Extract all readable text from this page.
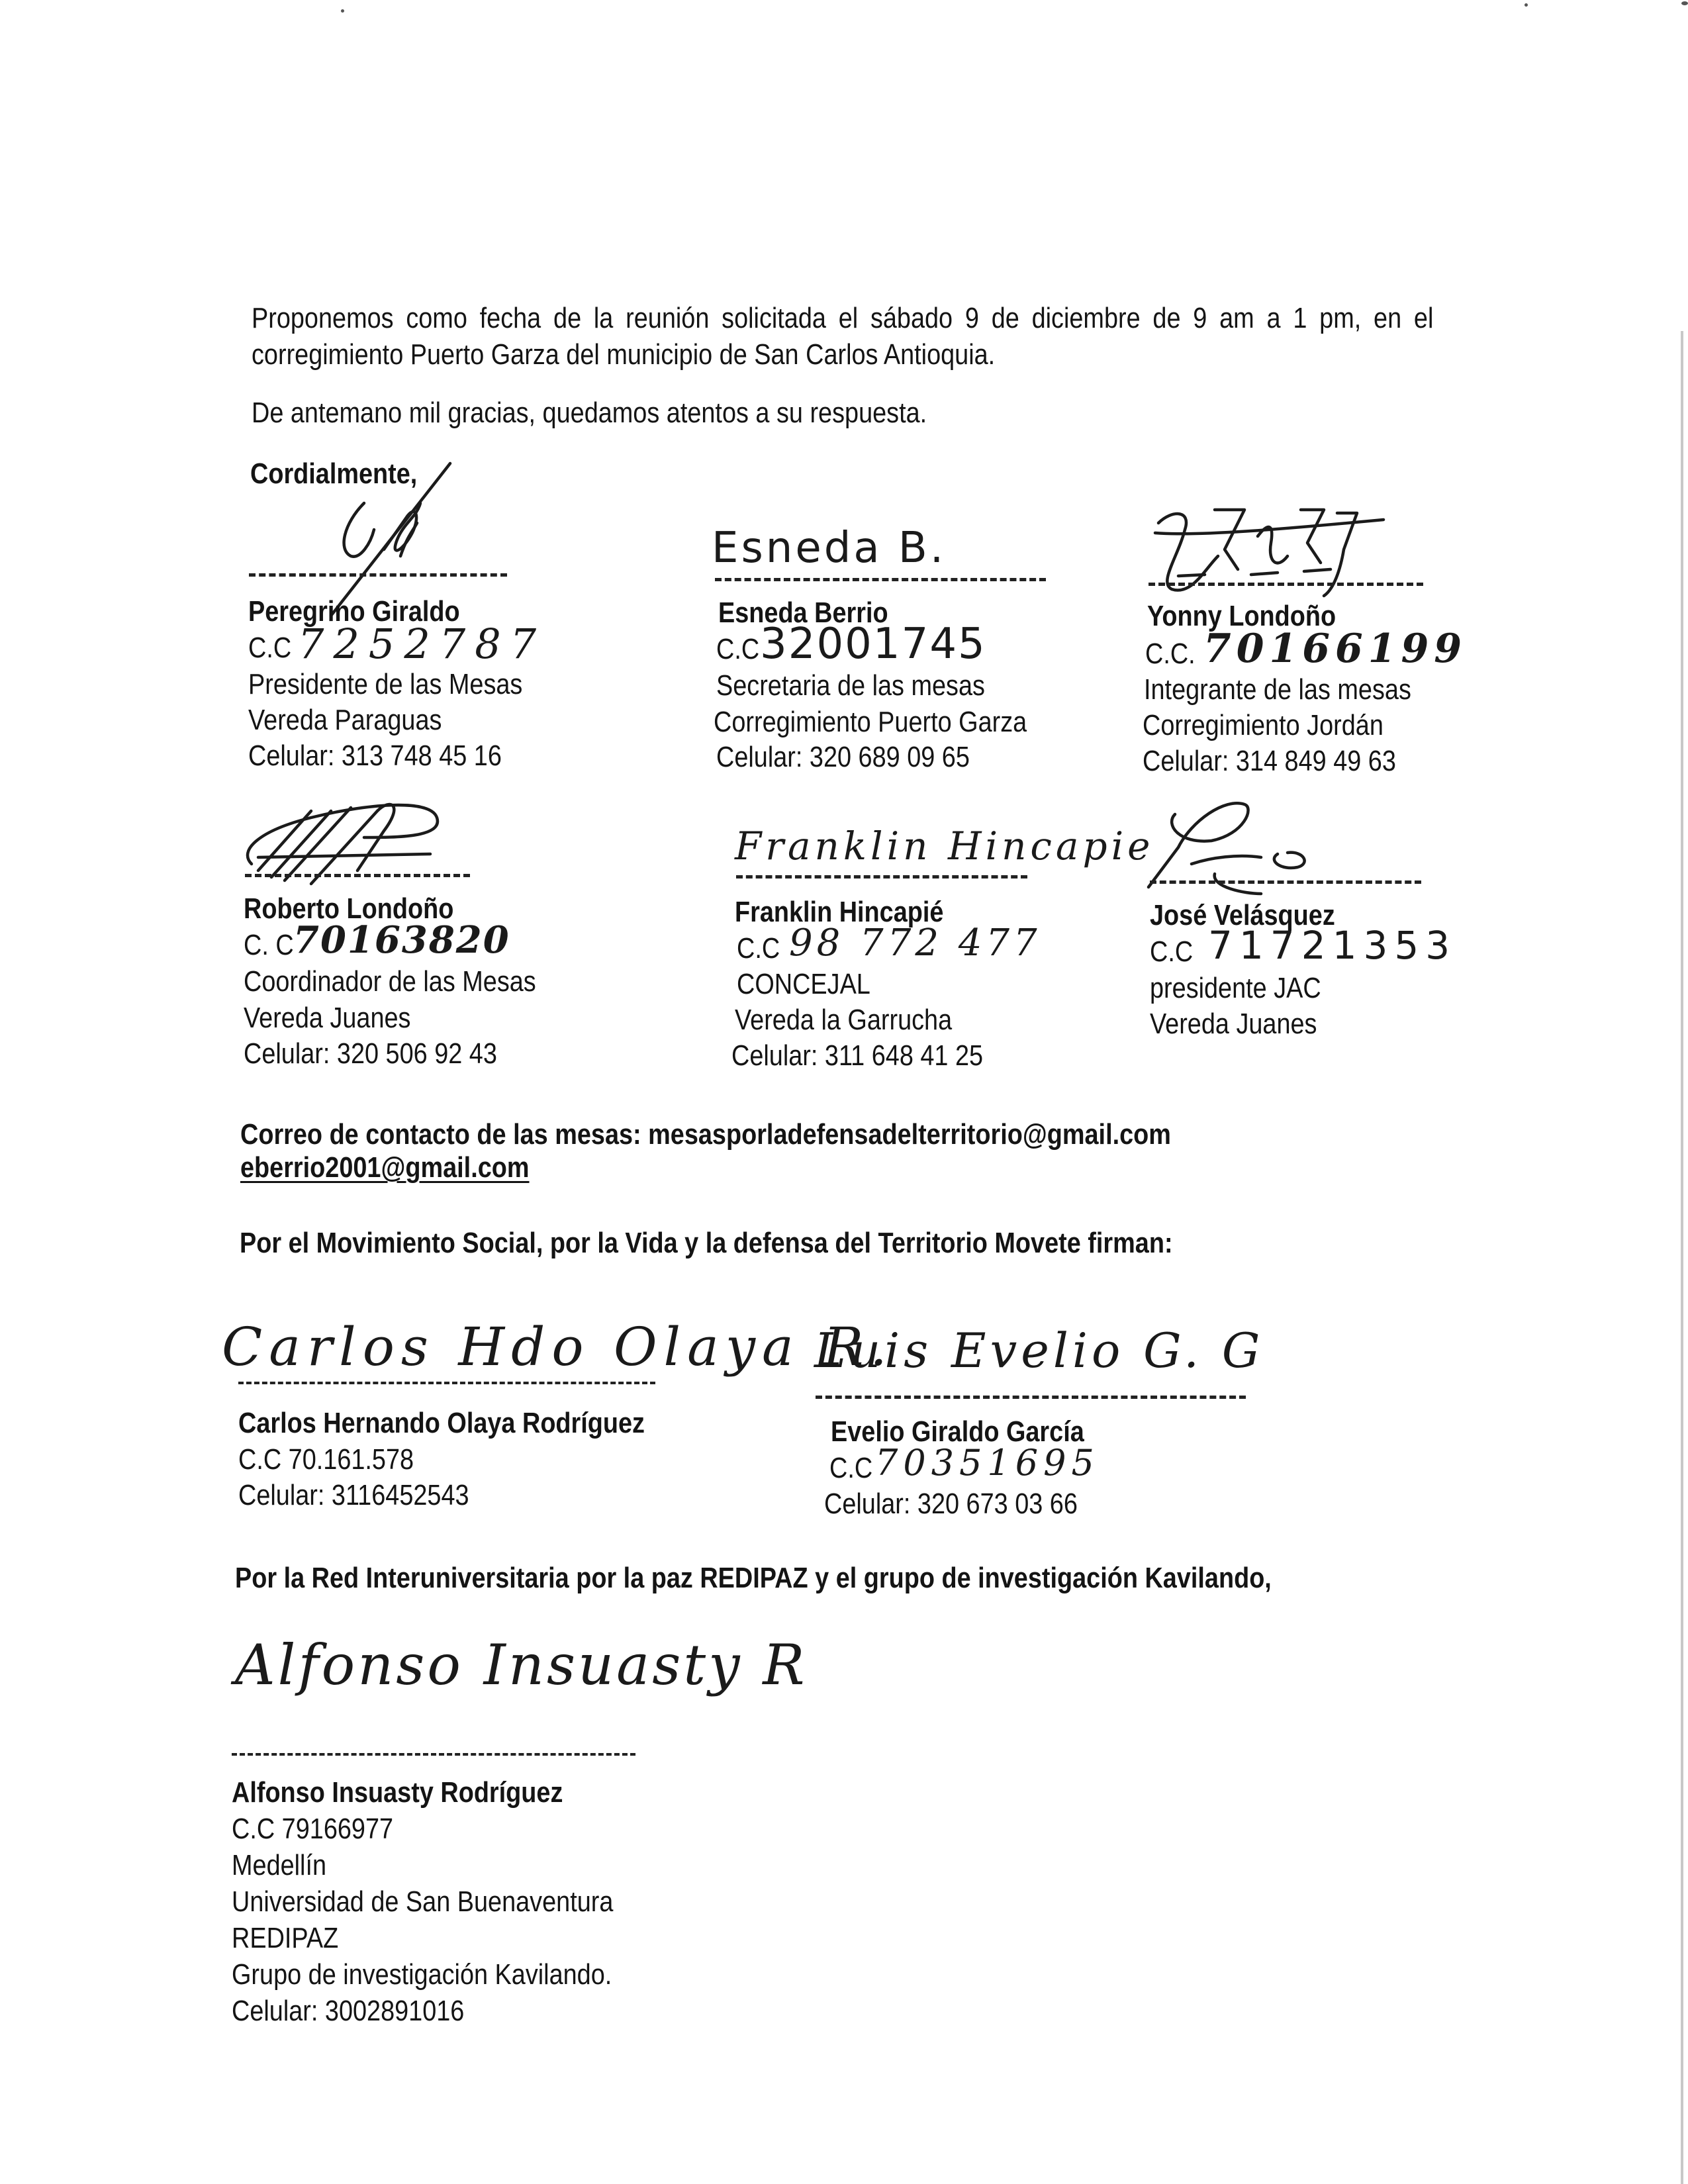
Proponemos como fecha de la reunión solicitada el sábado 9 de diciembre de 9 am a 1 pm, en el
corregimiento Puerto Garza del municipio de San Carlos Antioquia.
De antemano mil gracias, quedamos atentos a su respuesta.
Cordialmente,
Peregrino Giraldo
C.C 7252787
Presidente de las Mesas
Vereda Paraguas
Celular: 313 748 45 16
Esneda B.
Esneda Berrio
C.C 32001745
Secretaria de las mesas
Corregimiento Puerto Garza
Celular: 320 689 09 65
Yonny Londoño
C.C. 70166199
Integrante de las mesas
Corregimiento Jordán
Celular: 314 849 49 63
Roberto Londoño
C. C 70163820
Coordinador de las Mesas
Vereda Juanes
Celular: 320 506 92 43
Franklin Hincapie
Franklin Hincapié
C.C 98 772 477
CONCEJAL
Vereda la Garrucha
Celular: 311 648 41 25
José Velásquez
C.C 71721353
presidente JAC
Vereda Juanes
Correo de contacto de las mesas: mesasporladefensadelterritorio@gmail.com
eberrio2001@gmail.com
Por el Movimiento Social, por la Vida y la defensa del Territorio Movete firman:
Carlos Hdo Olaya R.
Carlos Hernando Olaya Rodríguez
C.C 70.161.578
Celular: 3116452543
Luis Evelio G. G
Evelio Giraldo García
C.C 70351695
Celular: 320 673 03 66
Por la Red Interuniversitaria por la paz REDIPAZ y el grupo de investigación Kavilando,
Alfonso Insuasty R
Alfonso Insuasty Rodríguez
C.C 79166977
Medellín
Universidad de San Buenaventura
REDIPAZ
Grupo de investigación Kavilando.
Celular: 3002891016
